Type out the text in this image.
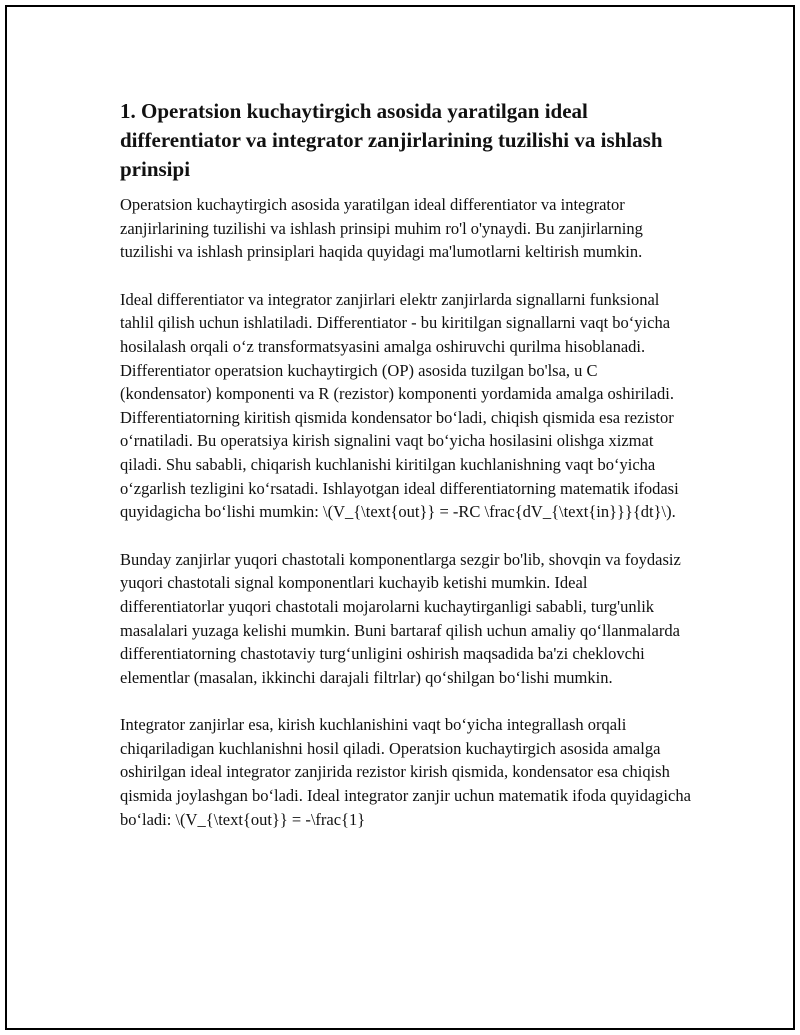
1. Operatsion kuchaytirgich asosida yaratilgan ideal differentiator va integrator zanjirlarining tuzilishi va ishlash prinsipi

Operatsion kuchaytirgich asosida yaratilgan ideal differentiator va integrator zanjirlarining tuzilishi va ishlash prinsipi muhim ro'l o'ynaydi. Bu zanjirlarning tuzilishi va ishlash prinsiplari haqida quyidagi ma'lumotlarni keltirish mumkin.

Ideal differentiator va integrator zanjirlari elektr zanjirlarda signallarni funksional tahlil qilish uchun ishlatiladi. Differentiator - bu kiritilgan signallarni vaqt bo‘yicha hosilalash orqali o‘z transformatsyasini amalga oshiruvchi qurilma hisoblanadi. Differentiator operatsion kuchaytirgich (OP) asosida tuzilgan bo'lsa, u C (kondensator) komponenti va R (rezistor) komponenti yordamida amalga oshiriladi. Differentiatorning kiritish qismida kondensator bo‘ladi, chiqish qismida esa rezistor o‘rnatiladi. Bu operatsiya kirish signalini vaqt bo‘yicha hosilasini olishga xizmat qiladi. Shu sababli, chiqarish kuchlanishi kiritilgan kuchlanishning vaqt bo‘yicha o‘zgarlish tezligini ko‘rsatadi. Ishlayotgan ideal differentiatorning matematik ifodasi quyidagicha bo‘lishi mumkin: \(V_{\text{out}} = -RC \frac{dV_{\text{in}}}{dt}\).

Bunday zanjirlar yuqori chastotali komponentlarga sezgir bo'lib, shovqin va foydasiz yuqori chastotali signal komponentlari kuchayib ketishi mumkin. Ideal differentiatorlar yuqori chastotali mojarolarni kuchaytirganligi sababli, turg'unlik masalalari yuzaga kelishi mumkin. Buni bartaraf qilish uchun amaliy qo‘llanmalarda differentiatorning chastotaviy turg‘unligini oshirish maqsadida ba'zi cheklovchi elementlar (masalan, ikkinchi darajali filtrlar) qo‘shilgan bo‘lishi mumkin.

Integrator zanjirlar esa, kirish kuchlanishini vaqt bo‘yicha integrallash orqali chiqariladigan kuchlanishni hosil qiladi. Operatsion kuchaytirgich asosida amalga oshirilgan ideal integrator zanjirida rezistor kirish qismida, kondensator esa chiqish qismida joylashgan bo‘ladi. Ideal integrator zanjir uchun matematik ifoda quyidagicha bo‘ladi: \(V_{\text{out}} = -\frac{1}
